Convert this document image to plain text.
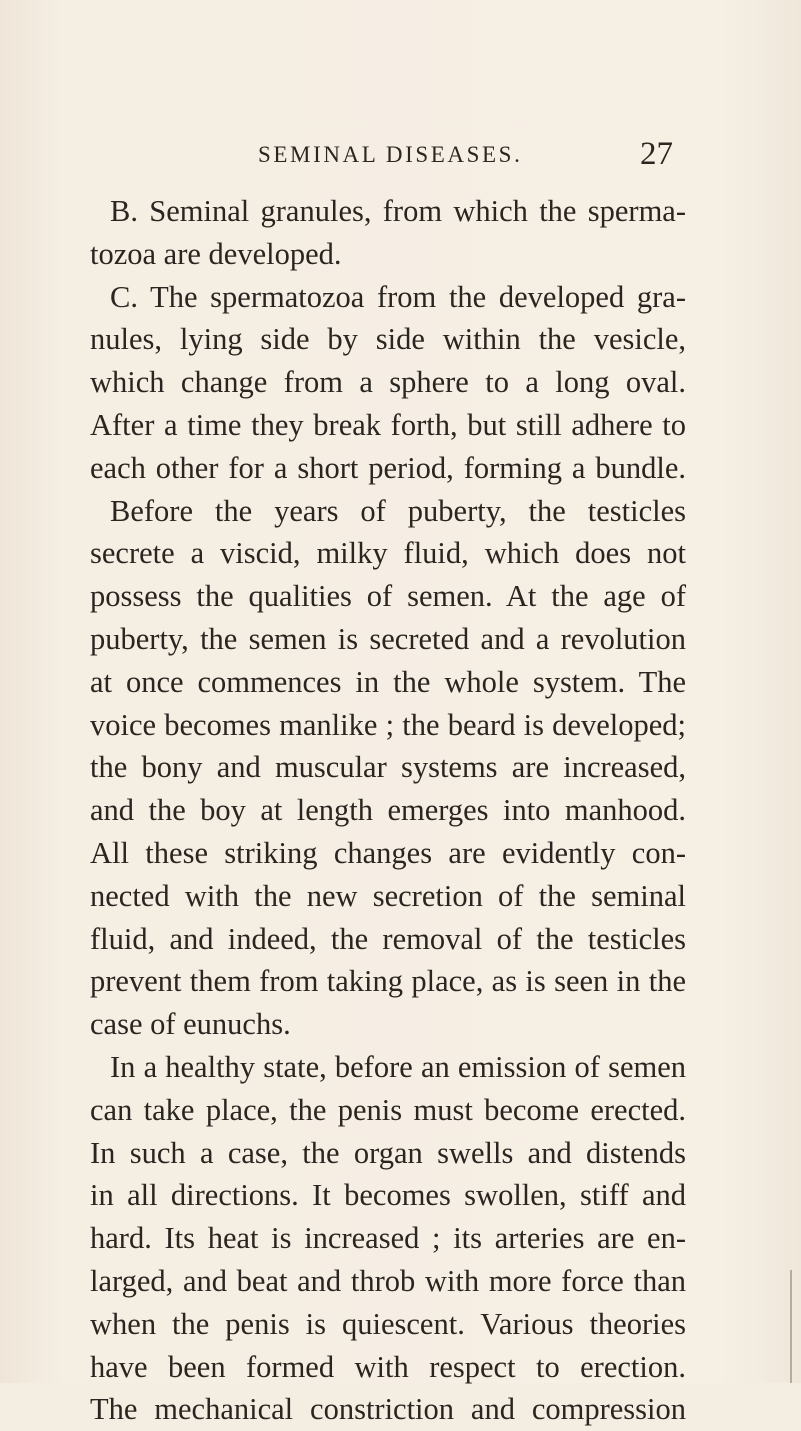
SEMINAL DISEASES.	27
B. Seminal granules, from which the sperma-
tozoa are developed.
C. The spermatozoa from the developed gra-
nules, lying side by side within the vesicle,
which change from a sphere to a long oval.
After a time they break forth, but still adhere to
each other for a short period, forming a bundle.
Before the years of puberty, the testicles
secrete a viscid, milky fluid, which does not
possess the qualities of semen. At the age of
puberty, the semen is secreted and a revolution
at once commences in the whole system. The
voice becomes manlike ; the beard is developed;
the bony and muscular systems are increased,
and the boy at length emerges into manhood.
All these striking changes are evidently con-
nected with the new secretion of the seminal
fluid, and indeed, the removal of the testicles
prevent them from taking place, as is seen in the
case of eunuchs.
In a healthy state, before an emission of semen
can take place, the penis must become erected.
In such a case, the organ swells and distends
in all directions. It becomes swollen, stiff and
hard. Its heat is increased ; its arteries are en-
larged, and beat and throb with more force than
when the penis is quiescent. Various theories
have been formed with respect to erection.
The mechanical constriction and compression
